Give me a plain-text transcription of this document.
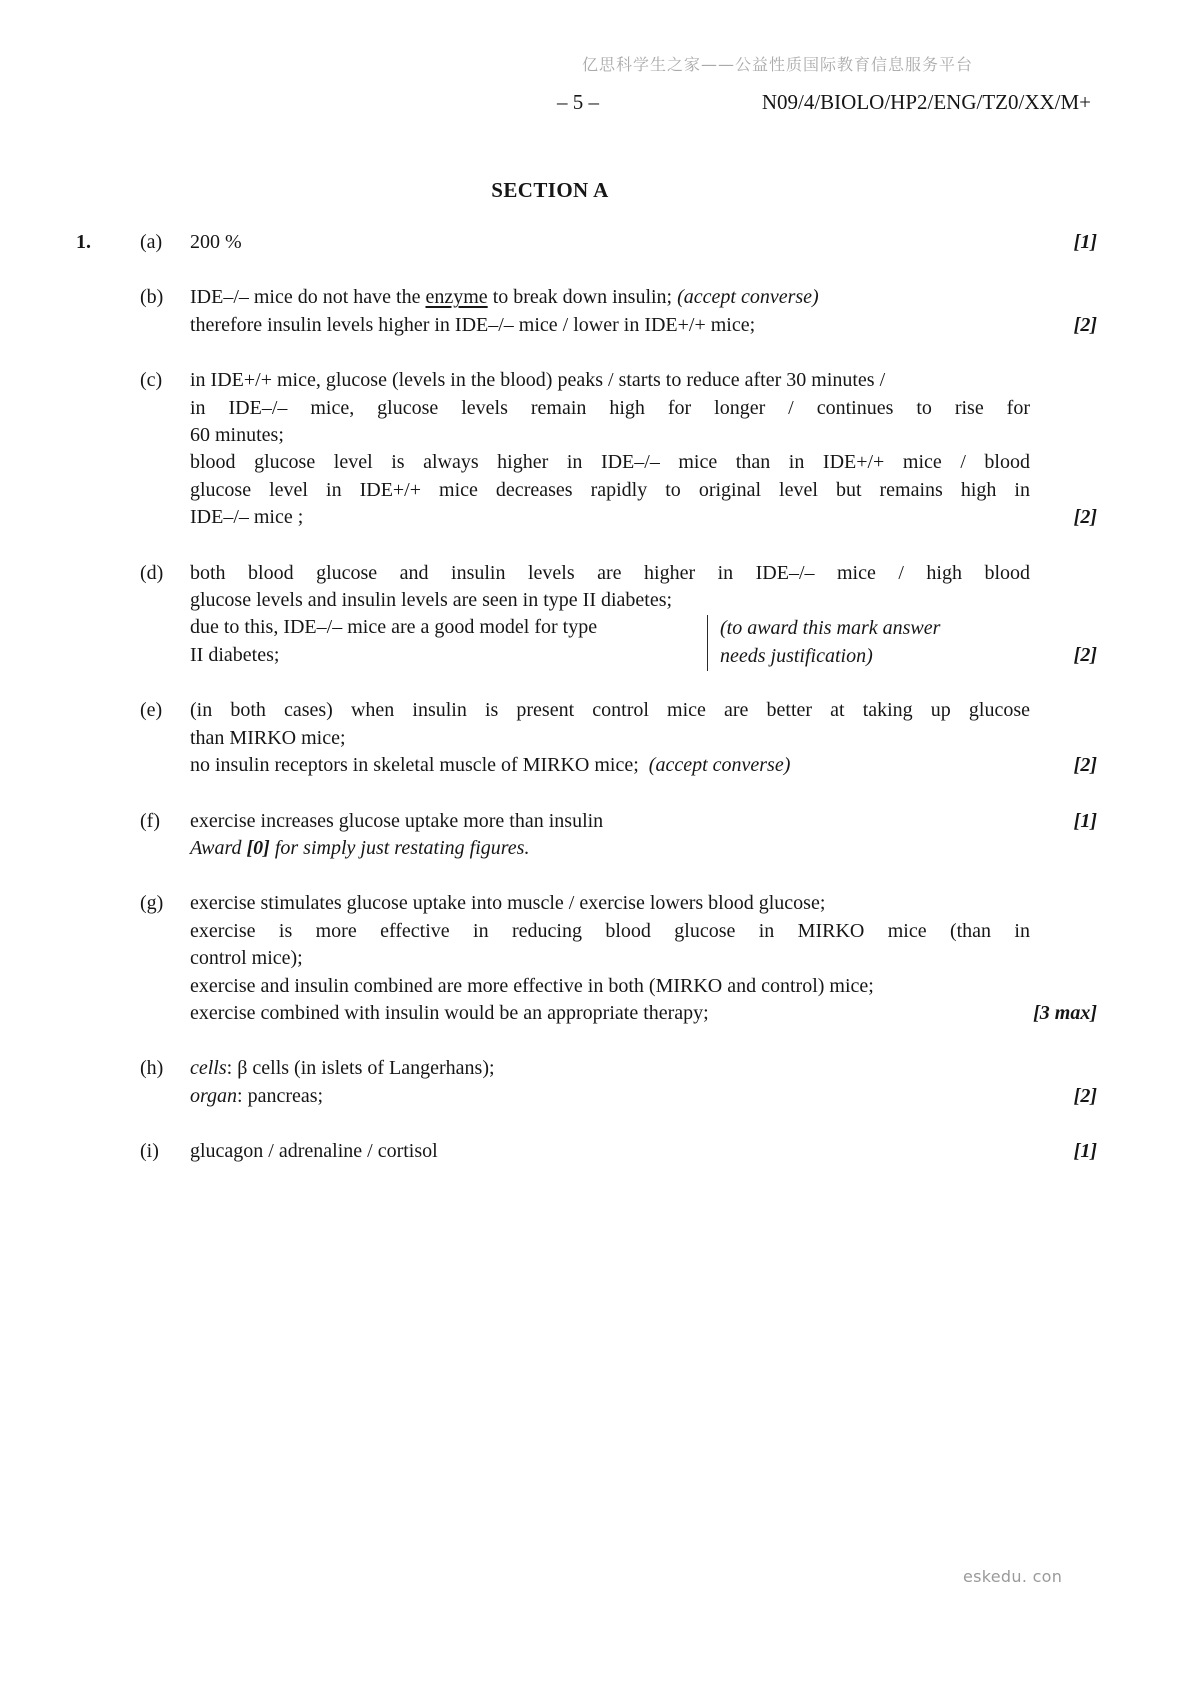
亿思科学生之家——公益性质国际教育信息服务平台
– 5 –	N09/4/BIOLO/HP2/ENG/TZ0/XX/M+
SECTION A
1. (a) 200 %	[1]
(b) IDE–/– mice do not have the enzyme to break down insulin; (accept converse)
therefore insulin levels higher in IDE–/– mice / lower in IDE+/+ mice;	[2]
(c) in IDE+/+ mice, glucose (levels in the blood) peaks / starts to reduce after 30 minutes /
in IDE–/– mice, glucose levels remain high for longer / continues to rise for
60 minutes;
blood glucose level is always higher in IDE–/– mice than in IDE+/+ mice / blood
glucose level in IDE+/+ mice decreases rapidly to original level but remains high in
IDE–/– mice ;	[2]
(d) both blood glucose and insulin levels are higher in IDE–/– mice / high blood
glucose levels and insulin levels are seen in type II diabetes;
due to this, IDE–/– mice are a good model for type	(to award this mark answer
II diabetes;	needs justification)	[2]
(e) (in both cases) when insulin is present control mice are better at taking up glucose
than MIRKO mice;
no insulin receptors in skeletal muscle of MIRKO mice;  (accept converse)	[2]
(f) exercise increases glucose uptake more than insulin	[1]
Award [0] for simply just restating figures.
(g) exercise stimulates glucose uptake into muscle / exercise lowers blood glucose;
exercise is more effective in reducing blood glucose in MIRKO mice (than in
control mice);
exercise and insulin combined are more effective in both (MIRKO and control) mice;
exercise combined with insulin would be an appropriate therapy;	[3 max]
(h) cells: β cells (in islets of Langerhans);
organ: pancreas;	[2]
(i) glucagon / adrenaline / cortisol	[1]
eskedu. con
